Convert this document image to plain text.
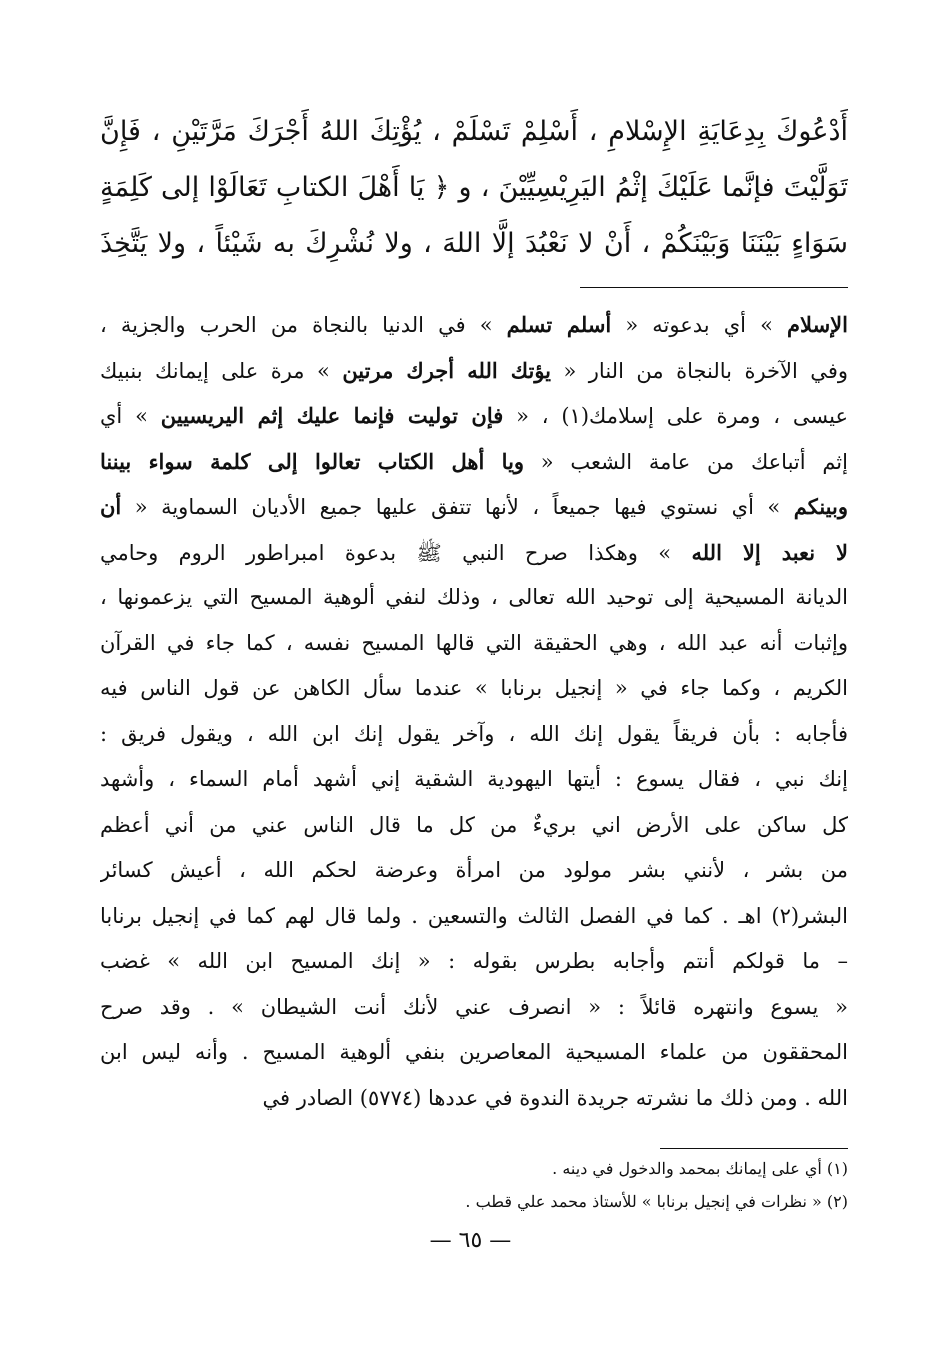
أَدْعُوكَ بِدِعَايَةِ الإِسْلامِ ، أَسْلِمْ تَسْلَمْ ، يُؤْتِكَ اللهُ أَجْرَكَ مَرَّتَيْنِ ، فَإِنَّ
تَوَلَّيْتَ فإنَّما عَلَيْكَ إثْمُ اليَرِيْسِيِّيْنَ ، و ﴿ يَا أَهْلَ الكتابِ تَعَالَوْا إلى كَلِمَةٍ
سَوَاءٍ بَيْنَنَا وَبَيْنَكُمْ ، أَنْ لا نَعْبُدَ إلَّا اللهَ ، ولا نُشْرِكَ به شَيْئاً ، ولا يَتَّخِذَ
الإسلام » أي بدعوته « أسلم تسلم » في الدنيا بالنجاة من الحرب والجزية ،
وفي الآخرة بالنجاة من النار « يؤتك الله أجرك مرتين » مرة على إيمانك بنبيك
عيسى ، ومرة على إسلامك(١) ، « فإن توليت فإنما عليك إثم اليريسيين » أي
إثم أتباعك من عامة الشعب « ويا أهل الكتاب تعالوا إلى كلمة سواء بيننا
وبينكم » أي نستوي فيها جميعاً ، لأنها تتفق عليها جميع الأديان السماوية « أن
لا نعبد إلا الله » وهكذا صرح النبي ﷺ بدعوة امبراطور الروم وحامي
الديانة المسيحية إلى توحيد الله تعالى ، وذلك لنفي ألوهية المسيح التي يزعمونها ،
وإثبات أنه عبد الله ، وهي الحقيقة التي قالها المسيح نفسه ، كما جاء في القرآن
الكريم ، وكما جاء في « إنجيل برنابا » عندما سأل الكاهن عن قول الناس فيه
فأجابه : بأن فريقاً يقول إنك الله ، وآخر يقول إنك ابن الله ، ويقول فريق :
إنك نبي ، فقال يسوع : أيتها اليهودية الشقية إني أشهد أمام السماء ، وأشهد
كل ساكن على الأرض اني بريءٌ من كل ما قال الناس عني من أني أعظم
من بشر ، لأنني بشر مولود من امرأة وعرضة لحكم الله ، أعيش كسائر
البشر(٢) اهـ . كما في الفصل الثالث والتسعين . ولما قال لهم كما في إنجيل برنابا
– ما قولكم أنتم وأجابه بطرس بقوله : « إنك المسيح ابن الله » غضب
« يسوع وانتهره قائلاً : « انصرف عني لأنك أنت الشيطان » . وقد صرح
المحققون من علماء المسيحية المعاصرين بنفي ألوهية المسيح . وأنه ليس ابن
الله . ومن ذلك ما نشرته جريدة الندوة في عددها (٥٧٧٤) الصادر في
(١) أي على إيمانك بمحمد والدخول في دينه .
(٢) « نظرات في إنجيل برنابا » للأستاذ محمد علي قطب .
— ٦٥ —
